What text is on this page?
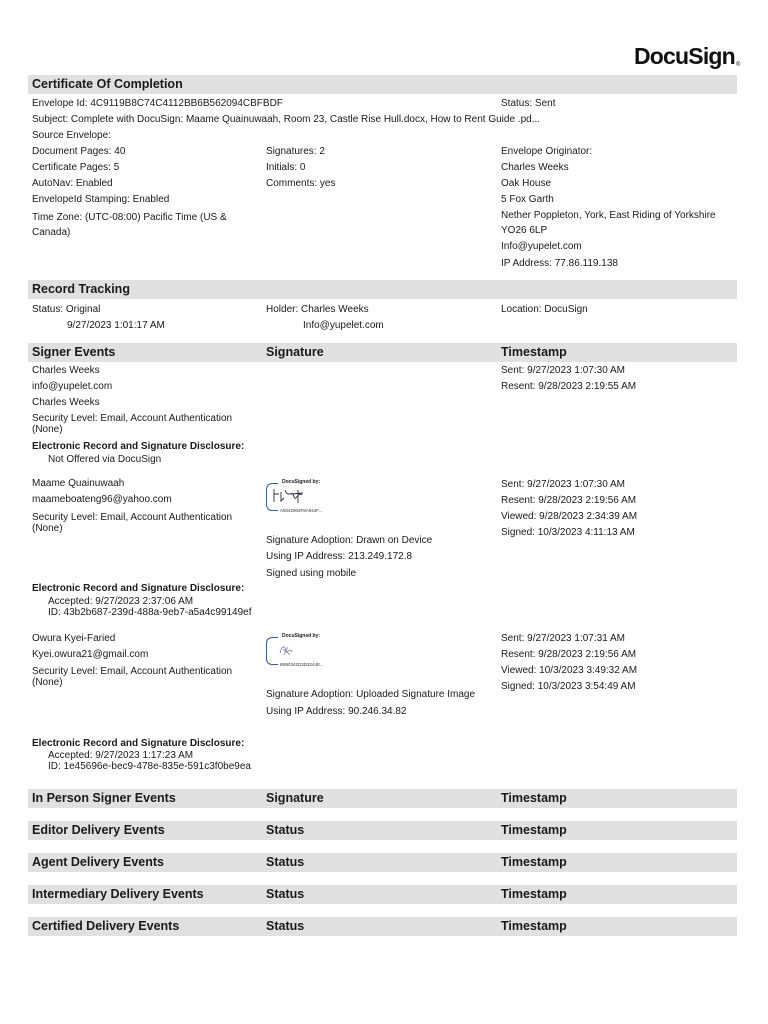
DocuSign®
Certificate Of Completion
Envelope Id: 4C9119B8C74C4112BB6B562094CBFBDF	Status: Sent
Subject: Complete with DocuSign: Maame Quainuwaah, Room 23, Castle Rise Hull.docx, How to Rent Guide .pd...
Source Envelope:
Document Pages: 40
Certificate Pages: 5
AutoNav: Enabled
EnvelopeId Stamping: Enabled
Time Zone: (UTC-08:00) Pacific Time (US & Canada)
Signatures: 2
Initials: 0
Comments: yes
Envelope Originator:
Charles Weeks
Oak House
5 Fox Garth
Nether Poppleton, York, East Riding of Yorkshire
YO26 6LP
Info@yupelet.com
IP Address: 77.86.119.138
Record Tracking
Status: Original
9/27/2023 1:01:17 AM
Holder: Charles Weeks
Info@yupelet.com
Location: DocuSign
Signer Events	Signature	Timestamp
Charles Weeks
info@yupelet.com
Charles Weeks
Security Level: Email, Account Authentication (None)
Electronic Record and Signature Disclosure:
Not Offered via DocuSign
Sent: 9/27/2023 1:07:30 AM
Resent: 9/28/2023 2:19:55 AM
Maame Quainuwaah
maameboateng96@yahoo.com
Security Level: Email, Account Authentication (None)
DocuSigned by:
A5042904F8A944F...
Signature Adoption: Drawn on Device
Using IP Address: 213.249.172.8
Signed using mobile
Sent: 9/27/2023 1:07:30 AM
Resent: 9/28/2023 2:19:56 AM
Viewed: 9/28/2023 2:34:39 AM
Signed: 10/3/2023 4:11:13 AM
Electronic Record and Signature Disclosure:
Accepted: 9/27/2023 2:37:06 AM
ID: 43b2b687-239d-488a-9eb7-a5a4c99149ef
Owura Kyei-Faried
Kyei.owura21@gmail.com
Security Level: Email, Account Authentication (None)
DocuSigned by:
B890342D3D3244E...
Signature Adoption: Uploaded Signature Image
Using IP Address: 90.246.34.82
Sent: 9/27/2023 1:07:31 AM
Resent: 9/28/2023 2:19:56 AM
Viewed: 10/3/2023 3:49:32 AM
Signed: 10/3/2023 3:54:49 AM
Electronic Record and Signature Disclosure:
Accepted: 9/27/2023 1:17:23 AM
ID: 1e45696e-bec9-478e-835e-591c3f0be9ea
In Person Signer Events	Signature	Timestamp
Editor Delivery Events	Status	Timestamp
Agent Delivery Events	Status	Timestamp
Intermediary Delivery Events	Status	Timestamp
Certified Delivery Events	Status	Timestamp
